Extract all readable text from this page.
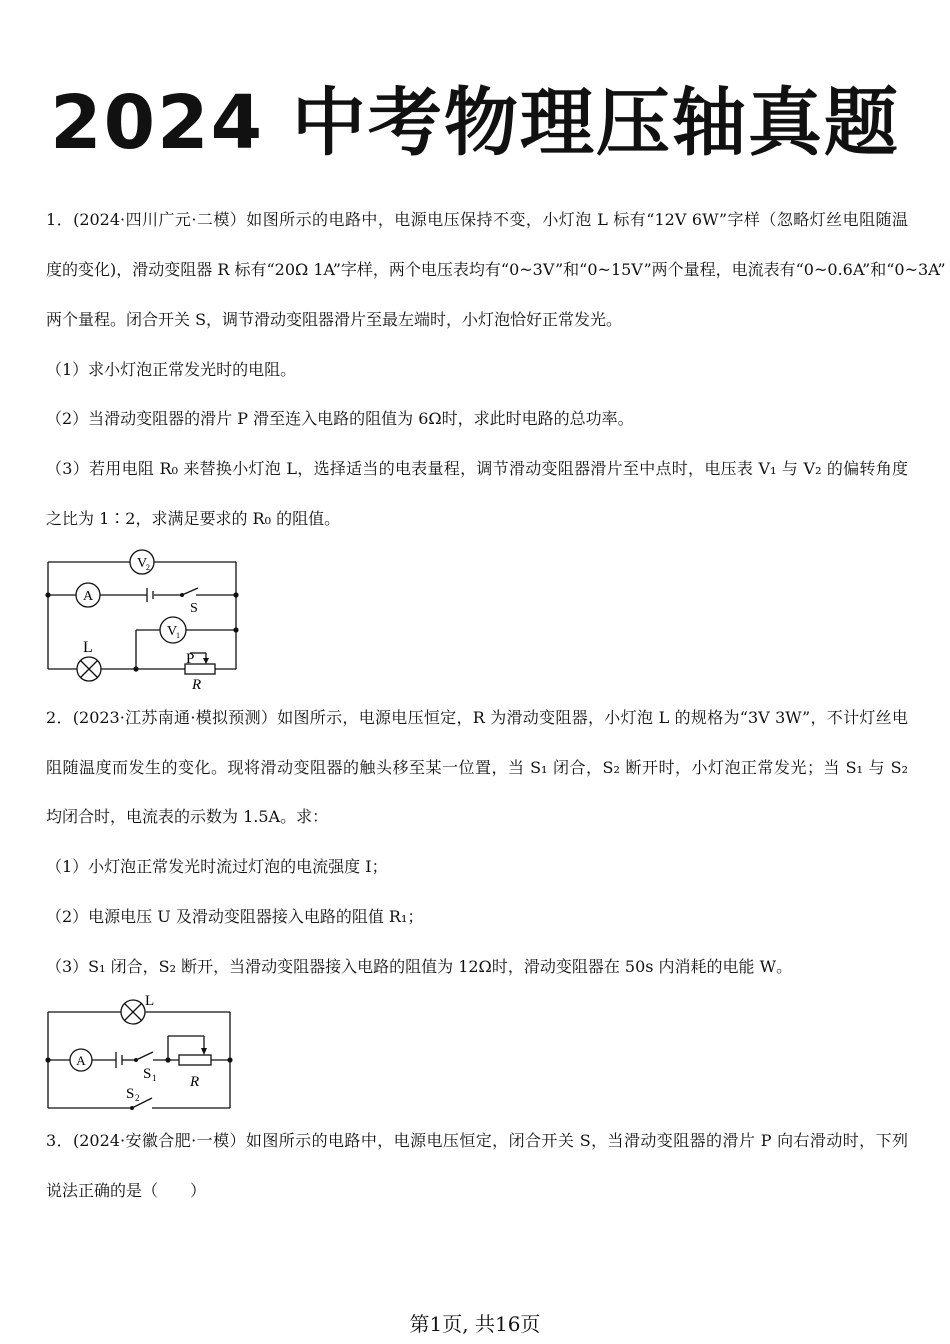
2024 中考物理压轴真题
1．(2024·四川广元·二模）如图所示的电路中，电源电压保持不变，小灯泡 L 标有“12V 6W”字样（忽略灯丝电阻随温
度的变化)，滑动变阻器 R 标有“20Ω 1A”字样，两个电压表均有“0~3V”和“0~15V”两个量程，电流表有“0~0.6A”和“0~3A”
两个量程。闭合开关 S，调节滑动变阻器滑片至最左端时，小灯泡恰好正常发光。
（1）求小灯泡正常发光时的电阻。
（2）当滑动变阻器的滑片 P 滑至连入电路的阻值为 6Ω时，求此时电路的总功率。
（3）若用电阻 R₀ 来替换小灯泡 L，选择适当的电表量程，调节滑动变阻器滑片至中点时，电压表 V₁ 与 V₂ 的偏转角度
之比为 1∶2，求满足要求的 R₀ 的阻值。
V
2
A
S
V
1
L
P
R
2．(2023·江苏南通·模拟预测）如图所示，电源电压恒定，R 为滑动变阻器，小灯泡 L 的规格为“3V 3W”，不计灯丝电
阻随温度而发生的变化。现将滑动变阻器的触头移至某一位置，当 S₁ 闭合，S₂ 断开时，小灯泡正常发光；当 S₁ 与 S₂
均闭合时，电流表的示数为 1.5A。求：
（1）小灯泡正常发光时流过灯泡的电流强度 I；
（2）电源电压 U 及滑动变阻器接入电路的阻值 R₁；
（3）S₁ 闭合，S₂ 断开，当滑动变阻器接入电路的阻值为 12Ω时，滑动变阻器在 50s 内消耗的电能 W。
L
A
S 1 R
S 2
3．(2024·安徽合肥·一模）如图所示的电路中，电源电压恒定，闭合开关 S，当滑动变阻器的滑片 P 向右滑动时，下列
说法正确的是（　　）
第1页, 共16页
